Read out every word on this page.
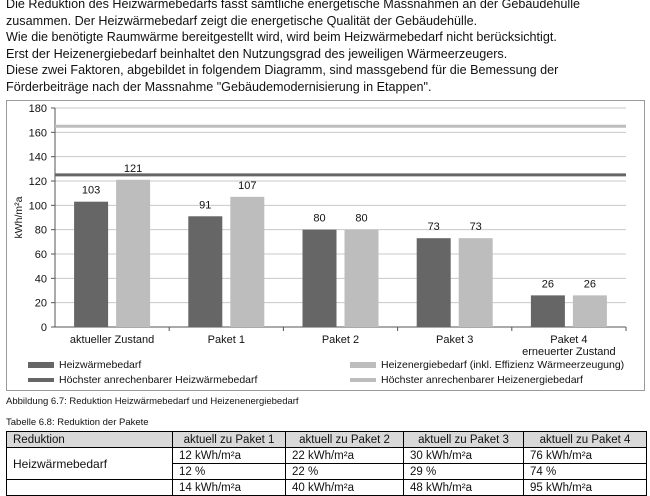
Die Reduktion des Heizwärmebedarfs fasst sämtliche energetische Massnahmen an der Gebäudehülle
zusammen. Der Heizwärmebedarf zeigt die energetische Qualität der Gebäudehülle.
Wie die benötigte Raumwärme bereitgestellt wird, wird beim Heizwärmebedarf nicht berücksichtigt.
Erst der Heizenergiebedarf beinhaltet den Nutzungsgrad des jeweiligen Wärmeerzeugers.
Diese zwei Faktoren, abgebildet in folgendem Diagramm, sind massgebend für die Bemessung der
Förderbeiträge nach der Massnahme "Gebäudemodernisierung in Etappen".
0
20
40
60
80
100
120
140
160
180
kWh/m²a
103
121
aktueller Zustand
91
107
Paket 1
80	80
Paket 2
73	73
Paket 3
26	26
Paket 4
erneuerter Zustand
Heizwärmebedarf	Heizenergiebedarf (inkl. Effizienz Wärmeerzeugung)
Höchster anrechenbarer Heizwärmebedarf	Höchster anrechenbarer Heizenergiebedarf
Abbildung 6.7: Reduktion Heizwärmebedarf und Heizenenergiebedarf
Tabelle 6.8: Reduktion der Pakete
Reduktion	aktuell zu Paket 1	aktuell zu Paket 2	aktuell zu Paket 3	aktuell zu Paket 4
Heizwärmebedarf	12 kWh/m²a	22 kWh/m²a	30 kWh/m²a	76 kWh/m²a
	12 %	22 %	29 %	74 %
	14 kWh/m²a	40 kWh/m²a	48 kWh/m²a	95 kWh/m²a
